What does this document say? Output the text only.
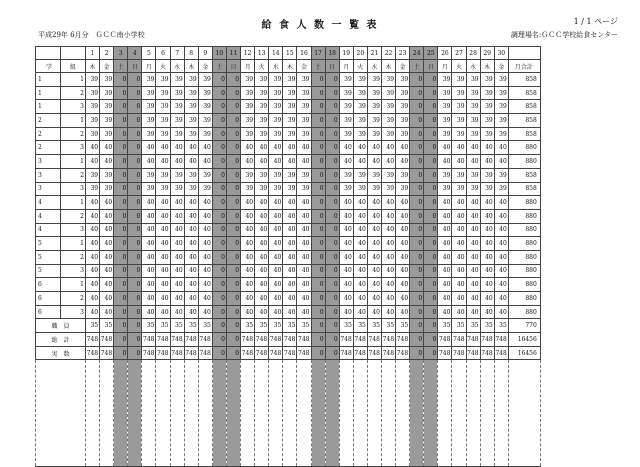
給 食 人 数 一 覧 表	1 / 1 ページ
平成29年 6月分　ＧＣＣ南小学校	調理場名:ＧＣＣ学校給食センター
		1	2	3	4	5	6	7	8	9	10	11	12	13	14	15	16	17	18	19	20	21	22	23	24	25	26	27	28	29	30	
学	組	木	金	土	日	月	火	水	木	金	土	日	月	火	水	木	金	土	日	月	火	水	木	金	土	日	月	火	水	木	金	月合計
1	1	39	39	0	0	39	39	39	39	39	0	0	39	39	39	39	39	0	0	39	39	39	39	39	0	0	39	39	39	39	39	858
1	2	39	39	0	0	39	39	39	39	39	0	0	39	39	39	39	39	0	0	39	39	39	39	39	0	0	39	39	39	39	39	858
1	3	39	39	0	0	39	39	39	39	39	0	0	39	39	39	39	39	0	0	39	39	39	39	39	0	0	39	39	39	39	39	858
2	1	39	39	0	0	39	39	39	39	39	0	0	39	39	39	39	39	0	0	39	39	39	39	39	0	0	39	39	39	39	39	858
2	2	39	39	0	0	39	39	39	39	39	0	0	39	39	39	39	39	0	0	39	39	39	39	39	0	0	39	39	39	39	39	858
2	3	40	40	0	0	40	40	40	40	40	0	0	40	40	40	40	40	0	0	40	40	40	40	40	0	0	40	40	40	40	40	880
3	1	40	40	0	0	40	40	40	40	40	0	0	40	40	40	40	40	0	0	40	40	40	40	40	0	0	40	40	40	40	40	880
3	2	39	39	0	0	39	39	39	39	39	0	0	39	39	39	39	39	0	0	39	39	39	39	39	0	0	39	39	39	39	39	858
3	3	39	39	0	0	39	39	39	39	39	0	0	39	39	39	39	39	0	0	39	39	39	39	39	0	0	39	39	39	39	39	858
4	1	40	40	0	0	40	40	40	40	40	0	0	40	40	40	40	40	0	0	40	40	40	40	40	0	0	40	40	40	40	40	880
4	2	40	40	0	0	40	40	40	40	40	0	0	40	40	40	40	40	0	0	40	40	40	40	40	0	0	40	40	40	40	40	880
4	3	40	40	0	0	40	40	40	40	40	0	0	40	40	40	40	40	0	0	40	40	40	40	40	0	0	40	40	40	40	40	880
5	1	40	40	0	0	40	40	40	40	40	0	0	40	40	40	40	40	0	0	40	40	40	40	40	0	0	40	40	40	40	40	880
5	2	40	40	0	0	40	40	40	40	40	0	0	40	40	40	40	40	0	0	40	40	40	40	40	0	0	40	40	40	40	40	880
5	3	40	40	0	0	40	40	40	40	40	0	0	40	40	40	40	40	0	0	40	40	40	40	40	0	0	40	40	40	40	40	880
6	1	40	40	0	0	40	40	40	40	40	0	0	40	40	40	40	40	0	0	40	40	40	40	40	0	0	40	40	40	40	40	880
6	2	40	40	0	0	40	40	40	40	40	0	0	40	40	40	40	40	0	0	40	40	40	40	40	0	0	40	40	40	40	40	880
6	3	40	40	0	0	40	40	40	40	40	0	0	40	40	40	40	40	0	0	40	40	40	40	40	0	0	40	40	40	40	40	880
職　員		35	35	0	0	35	35	35	35	35	0	0	35	35	35	35	35	0	0	35	35	35	35	35	0	0	35	35	35	35	35	770
総　計		748	748	0	0	748	748	748	748	748	0	0	748	748	748	748	748	0	0	748	748	748	748	748	0	0	748	748	748	748	748	16456
実　数		748	748	0	0	748	748	748	748	748	0	0	748	748	748	748	748	0	0	748	748	748	748	748	0	0	748	748	748	748	748	16456
